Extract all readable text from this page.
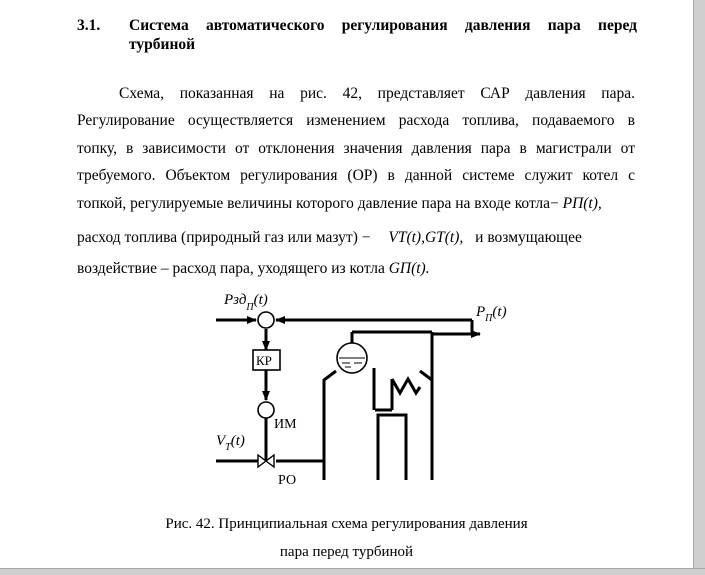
3.1. Система автоматического регулирования давления пара перед
турбиной
Схема, показанная на рис. 42, представляет САР давления пара.
Регулирование осуществляется изменением расхода топлива, подаваемого в
топку, в зависимости от отклонения значения давления пара в магистрали от
требуемого. Объектом регулирования (ОР) в данной системе служит котел с
топкой, регулируемые величины которого давление пара на входе котла− PП(t),
расход топлива (природный газ или мазут) − VT(t),GT(t), и возмущающее
воздействие – расход пара, уходящего из котла GП(t).
Pзд$_П$(t)
$P_П(t)$
КР
ИМ
$V_T(t)$
РО
Рис. 42. Принципиальная схема регулирования давления
пара перед турбиной
